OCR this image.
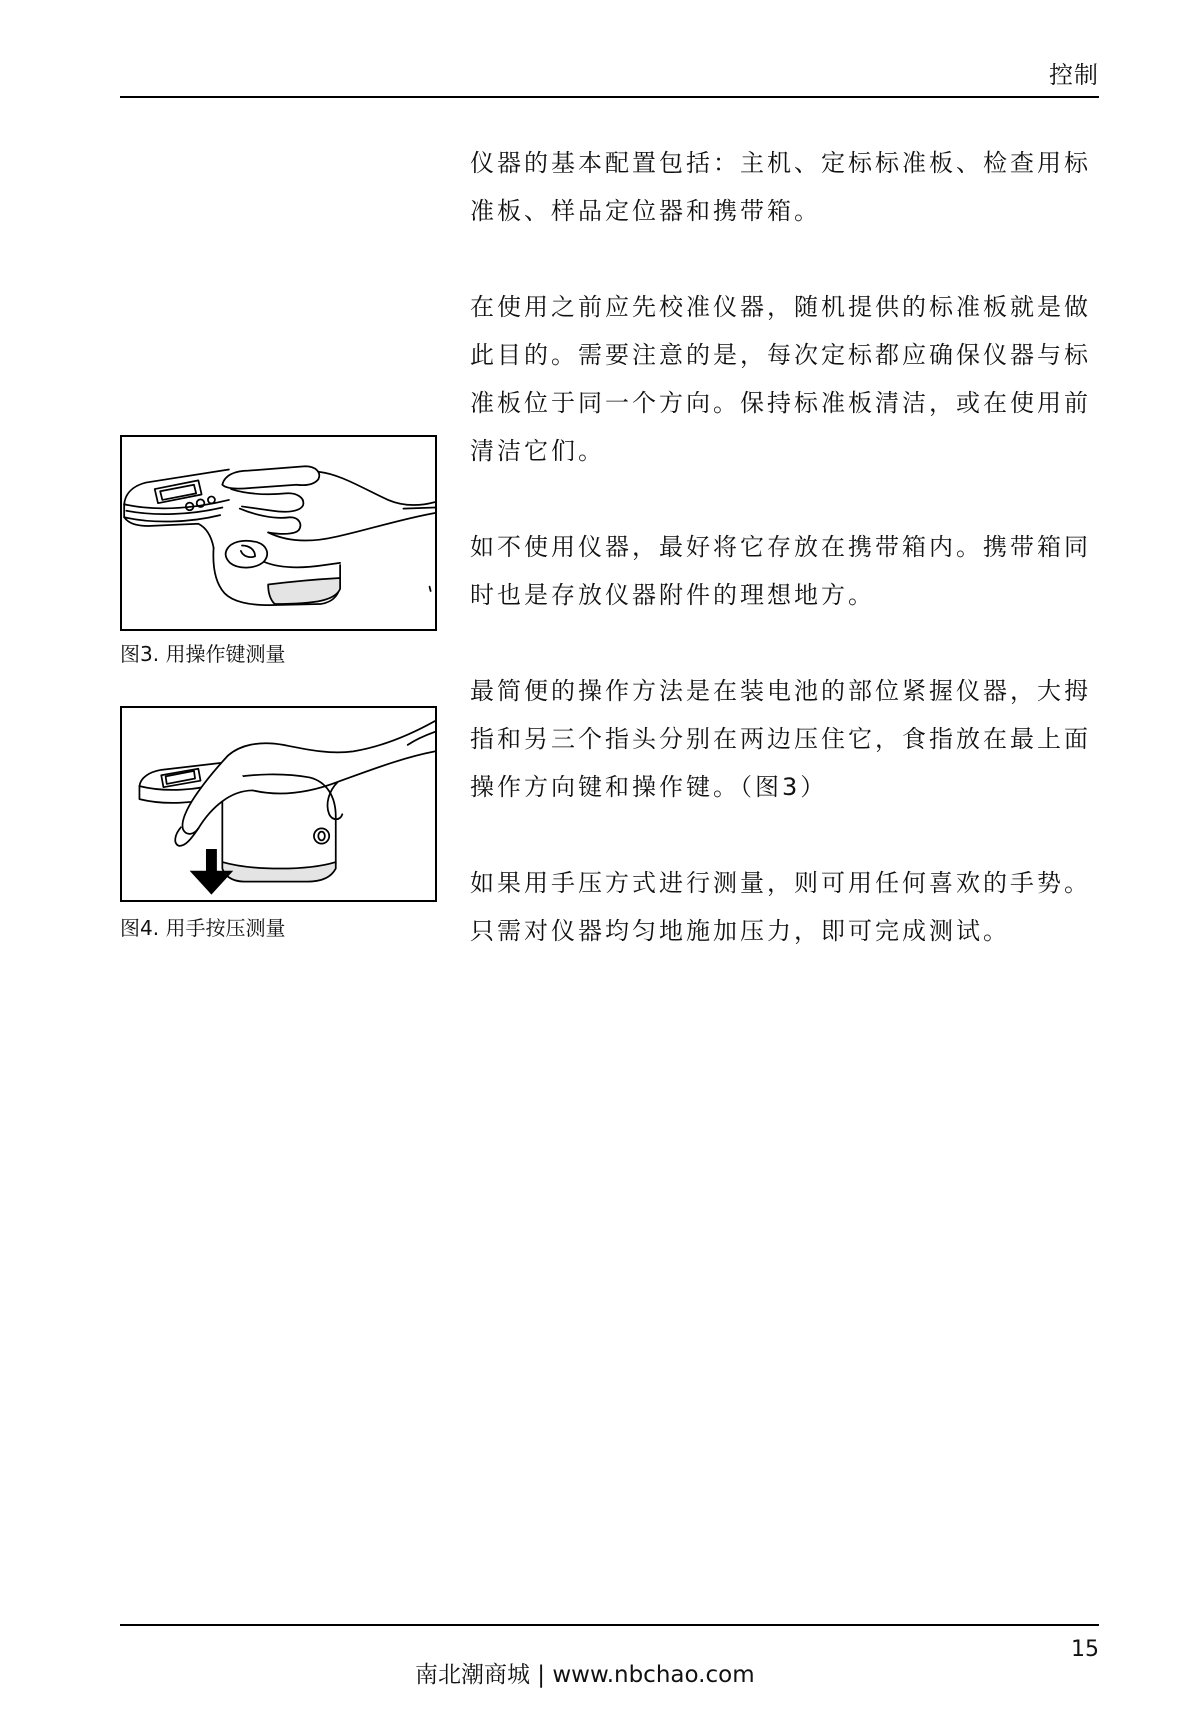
控制
仪器的基本配置包括：主机、定标标准板、检查用标
准板、样品定位器和携带箱。
在使用之前应先校准仪器，随机提供的标准板就是做
此目的。需要注意的是，每次定标都应确保仪器与标
准板位于同一个方向。保持标准板清洁，或在使用前
清洁它们。
如不使用仪器，最好将它存放在携带箱内。携带箱同
时也是存放仪器附件的理想地方。
最简便的操作方法是在装电池的部位紧握仪器，大拇
指和另三个指头分别在两边压住它，食指放在最上面
操作方向键和操作键。（图3）
如果用手压方式进行测量，则可用任何喜欢的手势。
只需对仪器均匀地施加压力，即可完成测试。
图3. 用操作键测量
图4. 用手按压测量
15
南北潮商城 | www.nbchao.com
